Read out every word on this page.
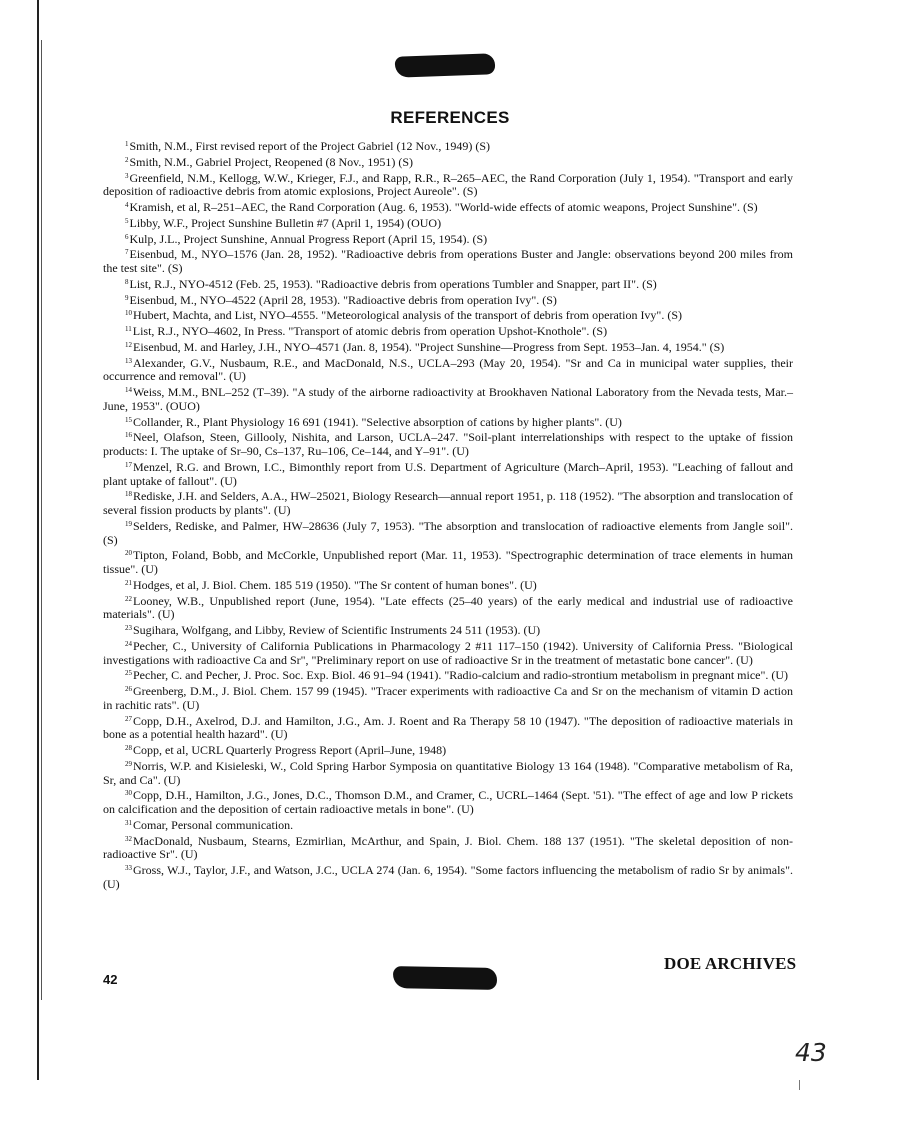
REFERENCES

$^1$Smith, N.M., First revised report of the Project Gabriel (12 Nov., 1949) (S)

$^2$Smith, N.M., Gabriel Project, Reopened (8 Nov., 1951) (S)

$^3$Greenfield, N.M., Kellogg, W.W., Krieger, F.J., and Rapp, R.R., R–265–AEC, the Rand Corporation (July 1, 1954). "Transport and early deposition of radioactive debris from atomic explosions, Project Aureole". (S)

$^4$Kramish, et al, R–251–AEC, the Rand Corporation (Aug. 6, 1953). "World-wide effects of atomic weapons, Project Sunshine". (S)

$^5$Libby, W.F., Project Sunshine Bulletin #7 (April 1, 1954) (OUO)

$^6$Kulp, J.L., Project Sunshine, Annual Progress Report (April 15, 1954). (S)

$^7$Eisenbud, M., NYO–1576 (Jan. 28, 1952). "Radioactive debris from operations Buster and Jangle: observations beyond 200 miles from the test site". (S)

$^8$List, R.J., NYO-4512 (Feb. 25, 1953). "Radioactive debris from operations Tumbler and Snapper, part II". (S)

$^9$Eisenbud, M., NYO–4522 (April 28, 1953). "Radioactive debris from operation Ivy". (S)

$^{10}$Hubert, Machta, and List, NYO–4555. "Meteorological analysis of the transport of debris from operation Ivy". (S)

$^{11}$List, R.J., NYO–4602, In Press. "Transport of atomic debris from operation Upshot-Knothole". (S)

$^{12}$Eisenbud, M. and Harley, J.H., NYO–4571 (Jan. 8, 1954). "Project Sunshine—Progress from Sept. 1953–Jan. 4, 1954." (S)

$^{13}$Alexander, G.V., Nusbaum, R.E., and MacDonald, N.S., UCLA–293 (May 20, 1954). "Sr and Ca in municipal water supplies, their occurrence and removal". (U)

$^{14}$Weiss, M.M., BNL–252 (T–39). "A study of the airborne radioactivity at Brookhaven National Laboratory from the Nevada tests, Mar.–June, 1953". (OUO)

$^{15}$Collander, R., Plant Physiology 16 691 (1941). "Selective absorption of cations by higher plants". (U)

$^{16}$Neel, Olafson, Steen, Gillooly, Nishita, and Larson, UCLA–247. "Soil-plant interrelationships with respect to the uptake of fission products: I. The uptake of Sr–90, Cs–137, Ru–106, Ce–144, and Y–91". (U)

$^{17}$Menzel, R.G. and Brown, I.C., Bimonthly report from U.S. Department of Agriculture (March–April, 1953). "Leaching of fallout and plant uptake of fallout". (U)

$^{18}$Rediske, J.H. and Selders, A.A., HW–25021, Biology Research—annual report 1951, p. 118 (1952). "The absorption and translocation of several fission products by plants". (U)

$^{19}$Selders, Rediske, and Palmer, HW–28636 (July 7, 1953). "The absorption and translocation of radioactive elements from Jangle soil". (S)

$^{20}$Tipton, Foland, Bobb, and McCorkle, Unpublished report (Mar. 11, 1953). "Spectrographic determination of trace elements in human tissue". (U)

$^{21}$Hodges, et al, J. Biol. Chem. 185 519 (1950). "The Sr content of human bones". (U)

$^{22}$Looney, W.B., Unpublished report (June, 1954). "Late effects (25–40 years) of the early medical and industrial use of radioactive materials". (U)

$^{23}$Sugihara, Wolfgang, and Libby, Review of Scientific Instruments 24 511 (1953). (U)

$^{24}$Pecher, C., University of California Publications in Pharmacology 2 #11 117–150 (1942). University of California Press. "Biological investigations with radioactive Ca and Sr", "Preliminary report on use of radioactive Sr in the treatment of metastatic bone cancer". (U)

$^{25}$Pecher, C. and Pecher, J. Proc. Soc. Exp. Biol. 46 91–94 (1941). "Radio-calcium and radio-strontium metabolism in pregnant mice". (U)

$^{26}$Greenberg, D.M., J. Biol. Chem. 157 99 (1945). "Tracer experiments with radioactive Ca and Sr on the mechanism of vitamin D action in rachitic rats". (U)

$^{27}$Copp, D.H., Axelrod, D.J. and Hamilton, J.G., Am. J. Roent and Ra Therapy 58 10 (1947). "The deposition of radioactive materials in bone as a potential health hazard". (U)

$^{28}$Copp, et al, UCRL Quarterly Progress Report (April–June, 1948)

$^{29}$Norris, W.P. and Kisieleski, W., Cold Spring Harbor Symposia on quantitative Biology 13 164 (1948). "Comparative metabolism of Ra, Sr, and Ca". (U)

$^{30}$Copp, D.H., Hamilton, J.G., Jones, D.C., Thomson D.M., and Cramer, C., UCRL–1464 (Sept. '51). "The effect of age and low P rickets on calcification and the deposition of certain radioactive metals in bone". (U)

$^{31}$Comar, Personal communication.

$^{32}$MacDonald, Nusbaum, Stearns, Ezmirlian, McArthur, and Spain, J. Biol. Chem. 188 137 (1951). "The skeletal deposition of non-radioactive Sr". (U)

$^{33}$Gross, W.J., Taylor, J.F., and Watson, J.C., UCLA 274 (Jan. 6, 1954). "Some factors influencing the metabolism of radio Sr by animals". (U)

42
DOE ARCHIVES
43
